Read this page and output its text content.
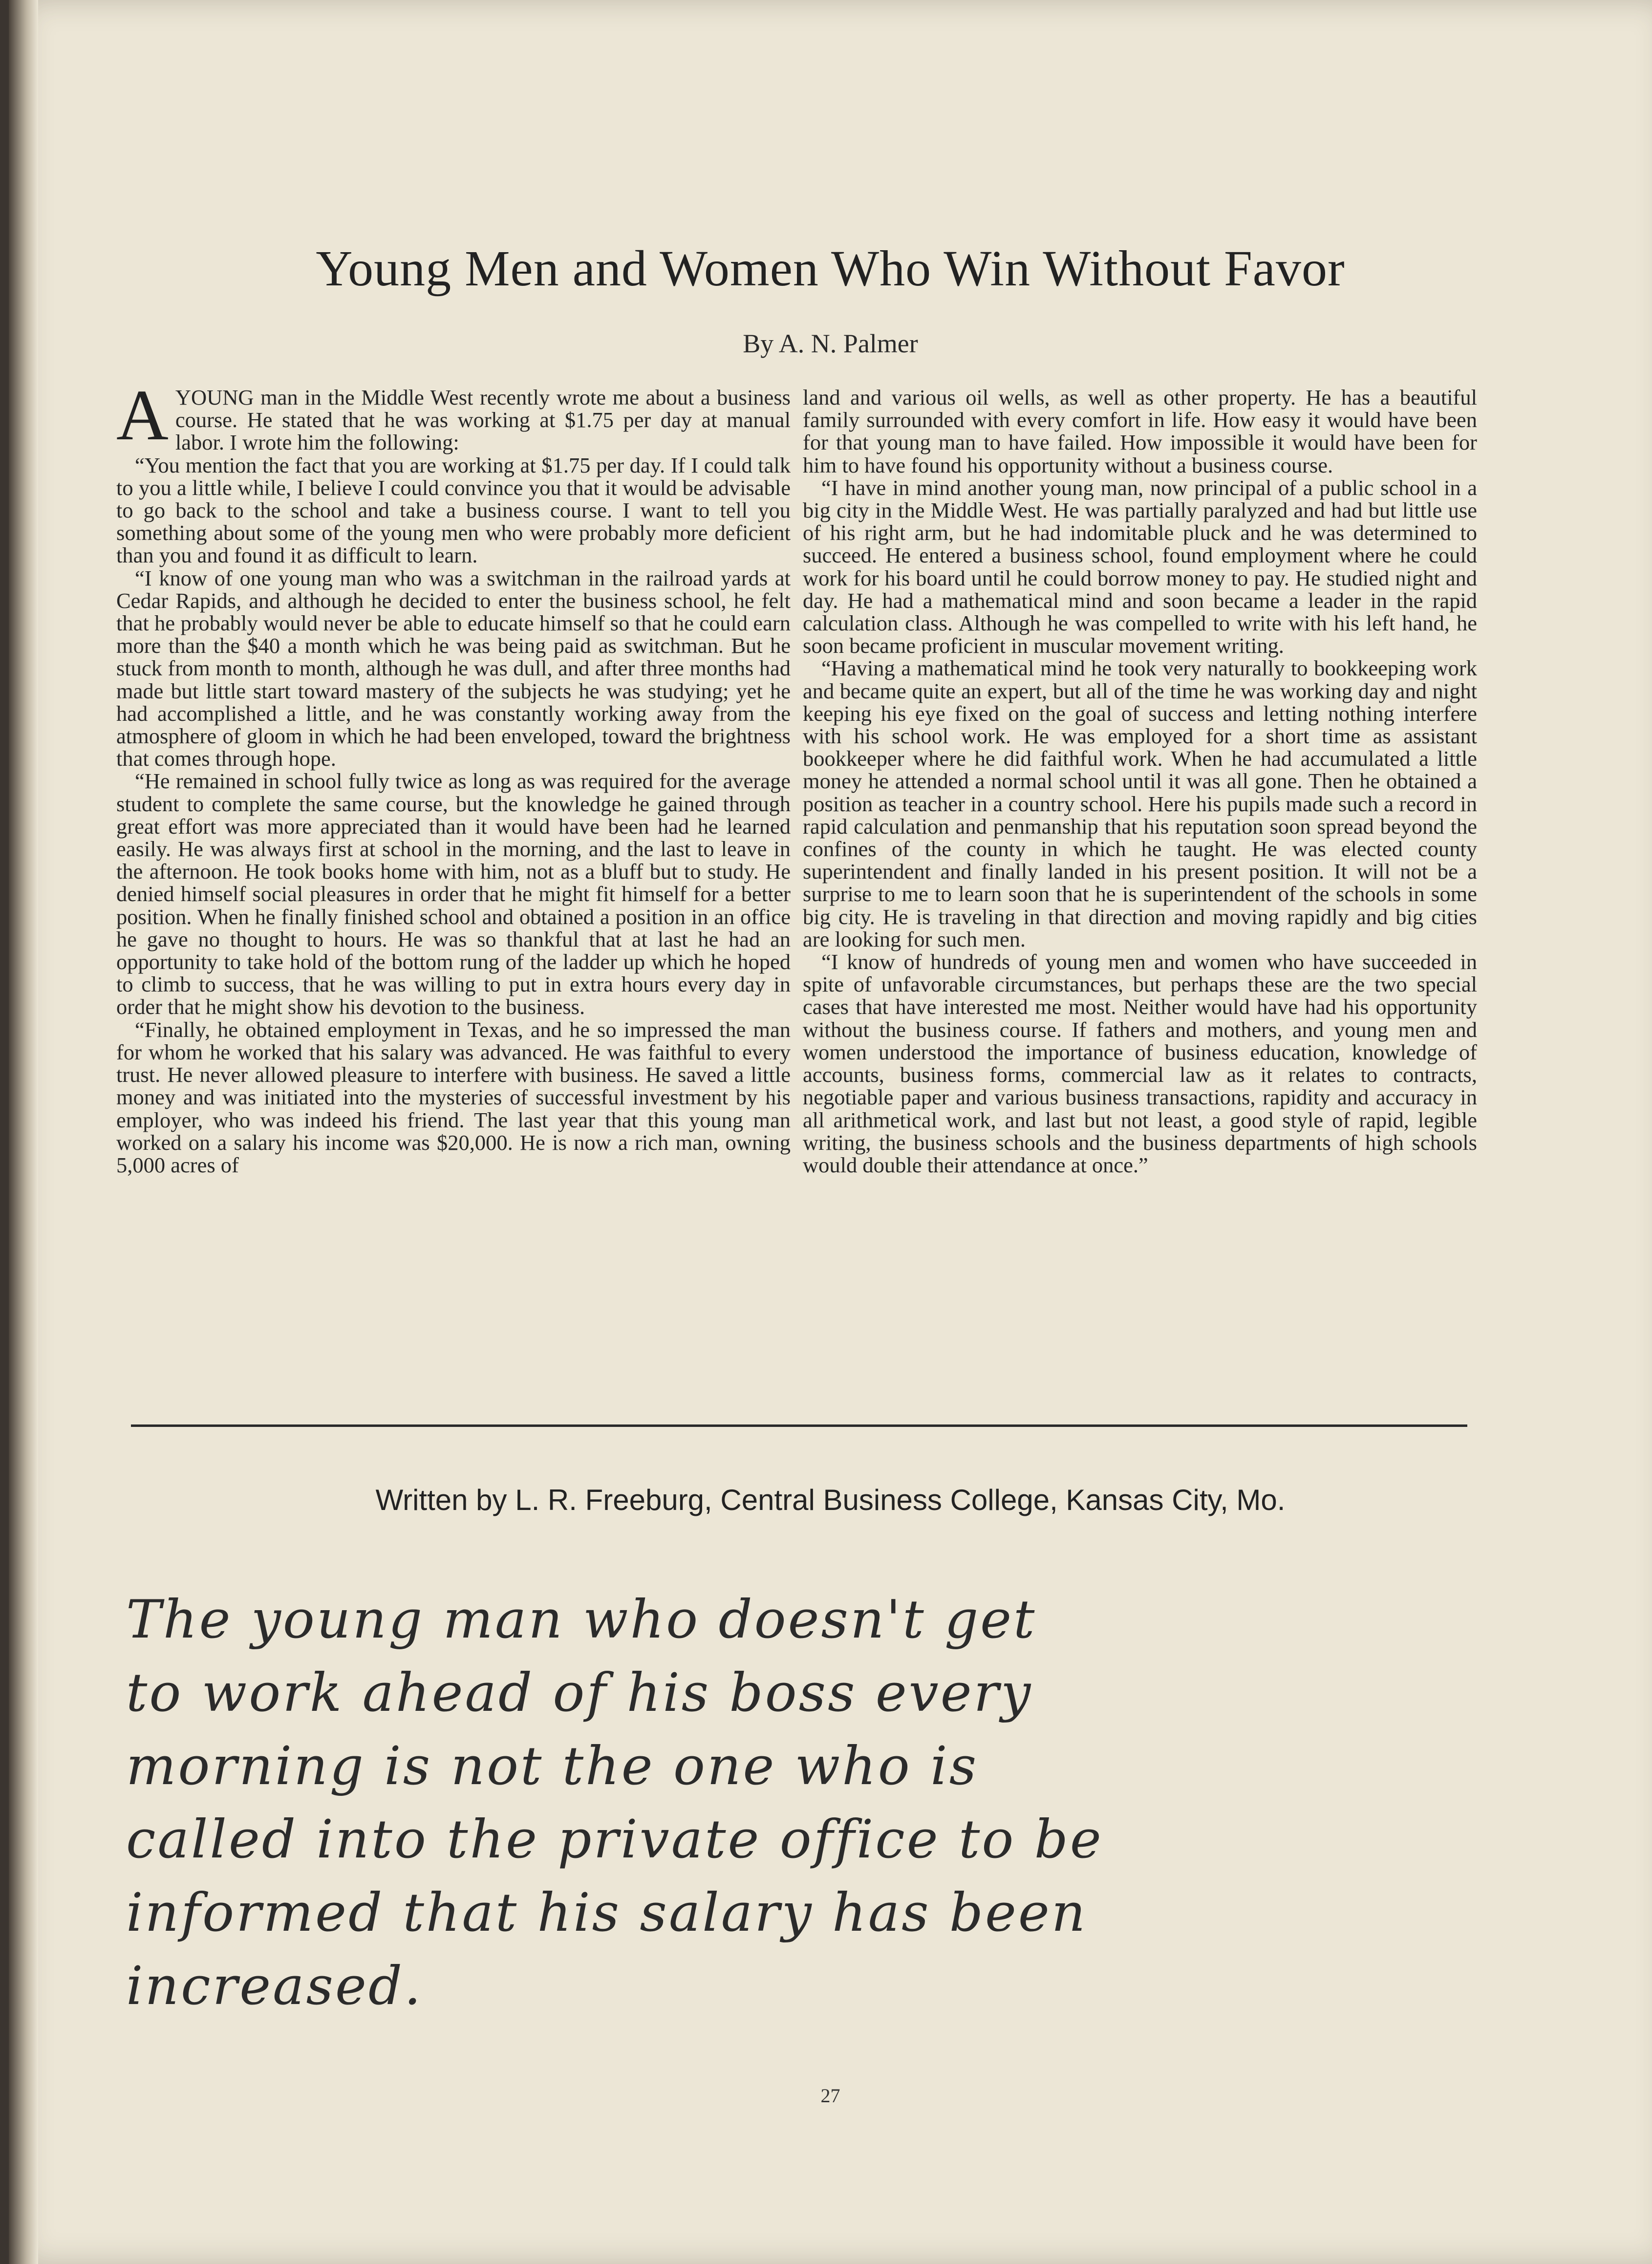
Young Men and Women Who Win Without Favor
By A. N. Palmer

AYOUNG man in the Middle West recently wrote me about a business course. He stated that he was working at $1.75 per day at manual labor. I wrote him the following:

“You mention the fact that you are working at $1.75 per day. If I could talk to you a little while, I believe I could convince you that it would be advisable to go back to the school and take a business course. I want to tell you something about some of the young men who were probably more deficient than you and found it as difficult to learn.

“I know of one young man who was a switchman in the railroad yards at Cedar Rapids, and although he decided to enter the business school, he felt that he probably would never be able to educate himself so that he could earn more than the $40 a month which he was being paid as switchman. But he stuck from month to month, although he was dull, and after three months had made but little start toward mastery of the subjects he was studying; yet he had accomplished a little, and he was constantly working away from the atmosphere of gloom in which he had been enveloped, toward the brightness that comes through hope.

“He remained in school fully twice as long as was required for the average student to complete the same course, but the knowledge he gained through great effort was more appreciated than it would have been had he learned easily. He was always first at school in the morning, and the last to leave in the afternoon. He took books home with him, not as a bluff but to study. He denied himself social pleasures in order that he might fit himself for a better position. When he finally finished school and obtained a position in an office he gave no thought to hours. He was so thankful that at last he had an opportunity to take hold of the bottom rung of the ladder up which he hoped to climb to success, that he was willing to put in extra hours every day in order that he might show his devotion to the business.

“Finally, he obtained employment in Texas, and he so impressed the man for whom he worked that his salary was advanced. He was faithful to every trust. He never allowed pleasure to interfere with business. He saved a little money and was initiated into the mysteries of successful investment by his employer, who was indeed his friend. The last year that this young man worked on a salary his income was $20,000. He is now a rich man, owning 5,000 acres of

land and various oil wells, as well as other property. He has a beautiful family surrounded with every comfort in life. How easy it would have been for that young man to have failed. How impossible it would have been for him to have found his opportunity without a business course.

“I have in mind another young man, now principal of a public school in a big city in the Middle West. He was partially paralyzed and had but little use of his right arm, but he had indomitable pluck and he was determined to succeed. He entered a business school, found employment where he could work for his board until he could borrow money to pay. He studied night and day. He had a mathematical mind and soon became a leader in the rapid calculation class. Although he was compelled to write with his left hand, he soon became proficient in muscular movement writing.

“Having a mathematical mind he took very naturally to bookkeeping work and became quite an expert, but all of the time he was working day and night keeping his eye fixed on the goal of success and letting nothing interfere with his school work. He was employed for a short time as assistant bookkeeper where he did faithful work. When he had accumulated a little money he attended a normal school until it was all gone. Then he obtained a position as teacher in a country school. Here his pupils made such a record in rapid calculation and penmanship that his reputation soon spread beyond the confines of the county in which he taught. He was elected county superintendent and finally landed in his present position. It will not be a surprise to me to learn soon that he is superintendent of the schools in some big city. He is traveling in that direction and moving rapidly and big cities are looking for such men.

“I know of hundreds of young men and women who have succeeded in spite of unfavorable circumstances, but perhaps these are the two special cases that have interested me most. Neither would have had his opportunity without the business course. If fathers and mothers, and young men and women understood the importance of business education, knowledge of accounts, business forms, commercial law as it relates to contracts, negotiable paper and various business transactions, rapidity and accuracy in all arithmetical work, and last but not least, a good style of rapid, legible writing, the business schools and the business departments of high schools would double their attendance at once.”

Written by L. R. Freeburg, Central Business College, Kansas City, Mo.
The young man who doesn't get
to work ahead of his boss every
morning is not the one who is
called into the private office to be
informed that his salary has been
increased.
27
